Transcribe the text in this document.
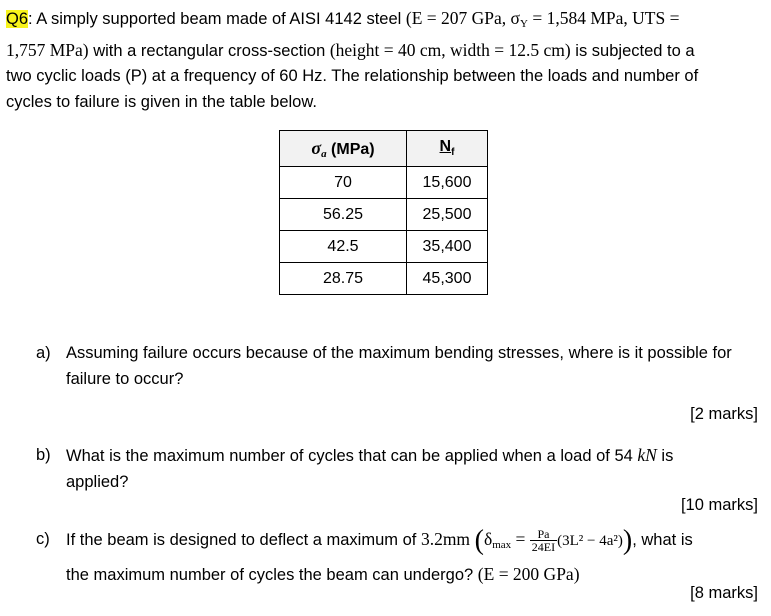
Q6: A simply supported beam made of AISI 4142 steel (E = 207 GPa, $\sigma_Y = 1,584$ MPa, UTS =
1,757 MPa) with a rectangular cross-section (height = 40 cm, width = 12.5 cm) is subjected to a
two cyclic loads (P) at a frequency of 60 Hz. The relationship between the loads and number of
cycles to failure is given in the table below.
$\sigma_a$ (MPa)	$N_f$
70	15,600
56.25	25,500
42.5	35,400
28.75	45,300
a) Assuming failure occurs because of the maximum bending stresses, where is it possible for
failure to occur?
[2 marks]
b) What is the maximum number of cycles that can be applied when a load of 54 kN is
applied?
[10 marks]
c) If the beam is designed to deflect a maximum of 3.2mm $(\delta_{max} = \frac{Pa}{24EI} (3L^2 - 4a^2))$, what is
the maximum number of cycles the beam can undergo? (E = 200 GPa)
[8 marks]
